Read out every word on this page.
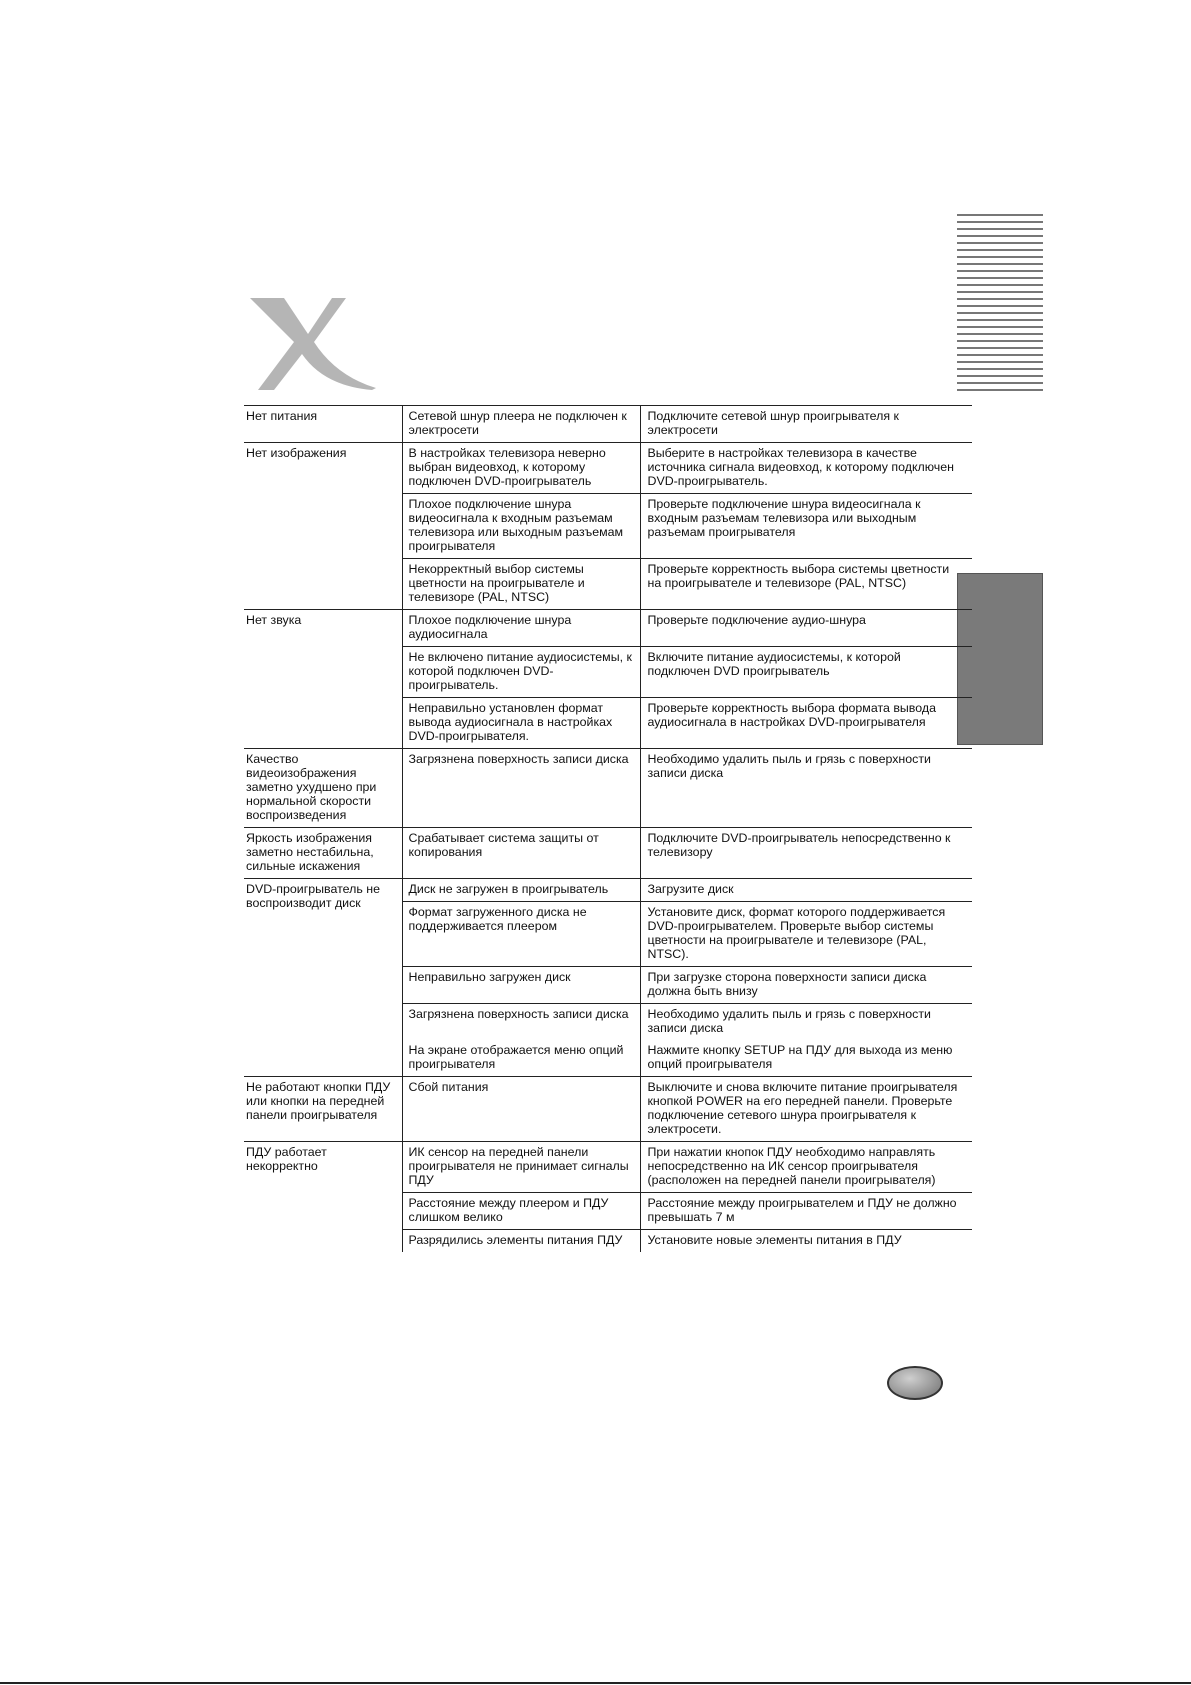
Нет питания	Сетевой шнур плеера не подключен к электросети	Подключите сетевой шнур проигрывателя к электросети
Нет изображения	В настройках телевизора неверно выбран видеовход, к которому подключен DVD-проигрыватель	Выберите в настройках телевизора в качестве источника сигнала видеовход, к которому подключен DVD-проигрыватель.
	Плохое подключение шнура видеосигнала к входным разъемам телевизора или выходным разъемам проигрывателя	Проверьте подключение шнура видеосигнала к входным разъемам телевизора или выходным разъемам проигрывателя
	Некорректный выбор системы цветности на проигрывателе и телевизоре (PAL, NTSC)	Проверьте корректность выбора системы цветности на проигрывателе и телевизоре (PAL, NTSC)
Нет звука	Плохое подключение шнура аудиосигнала	Проверьте подключение аудио-шнура
	Не включено питание аудиосистемы, к которой подключен DVD-проигрыватель.	Включите питание аудиосистемы, к которой подключен DVD проигрыватель
	Неправильно установлен формат вывода аудиосигнала в настройках DVD-проигрывателя.	Проверьте корректность выбора формата вывода аудиосигнала в настройках DVD-проигрывателя
Качество видеоизображения заметно ухудшено при нормальной скорости воспроизведения	Загрязнена поверхность записи диска	Необходимо удалить пыль и грязь с поверхности записи диска
Яркость изображения заметно нестабильна, сильные искажения	Срабатывает система защиты от копирования	Подключите DVD-проигрыватель непосредственно к телевизору
DVD-проигрыватель не воспроизводит диск	Диск не загружен в проигрыватель	Загрузите диск
	Формат загруженного диска не поддерживается плеером	Установите диск, формат которого поддерживается DVD-проигрывателем. Проверьте выбор системы цветности на проигрывателе и телевизоре (PAL, NTSC).
	Неправильно загружен диск	При загрузке сторона поверхности записи диска должна быть внизу
	Загрязнена поверхность записи диска	Необходимо удалить пыль и грязь с поверхности записи диска
	На экране отображается меню опций проигрывателя	Нажмите кнопку SETUP на ПДУ для выхода из меню опций проигрывателя
Не работают кнопки ПДУ или кнопки на передней панели проигрывателя	Сбой питания	Выключите и снова включите питание проигрывателя кнопкой POWER на его передней панели. Проверьте подключение сетевого шнура проигрывателя к электросети.
ПДУ работает некорректно	ИК сенсор на передней панели проигрывателя не принимает сигналы ПДУ	При нажатии кнопок ПДУ необходимо направлять непосредственно на ИК сенсор проигрывателя (расположен на передней панели проигрывателя)
	Расстояние между плеером и ПДУ слишком велико	Расстояние между проигрывателем и ПДУ не должно превышать 7 м
	Разрядились элементы питания ПДУ	Установите новые элементы питания в ПДУ
